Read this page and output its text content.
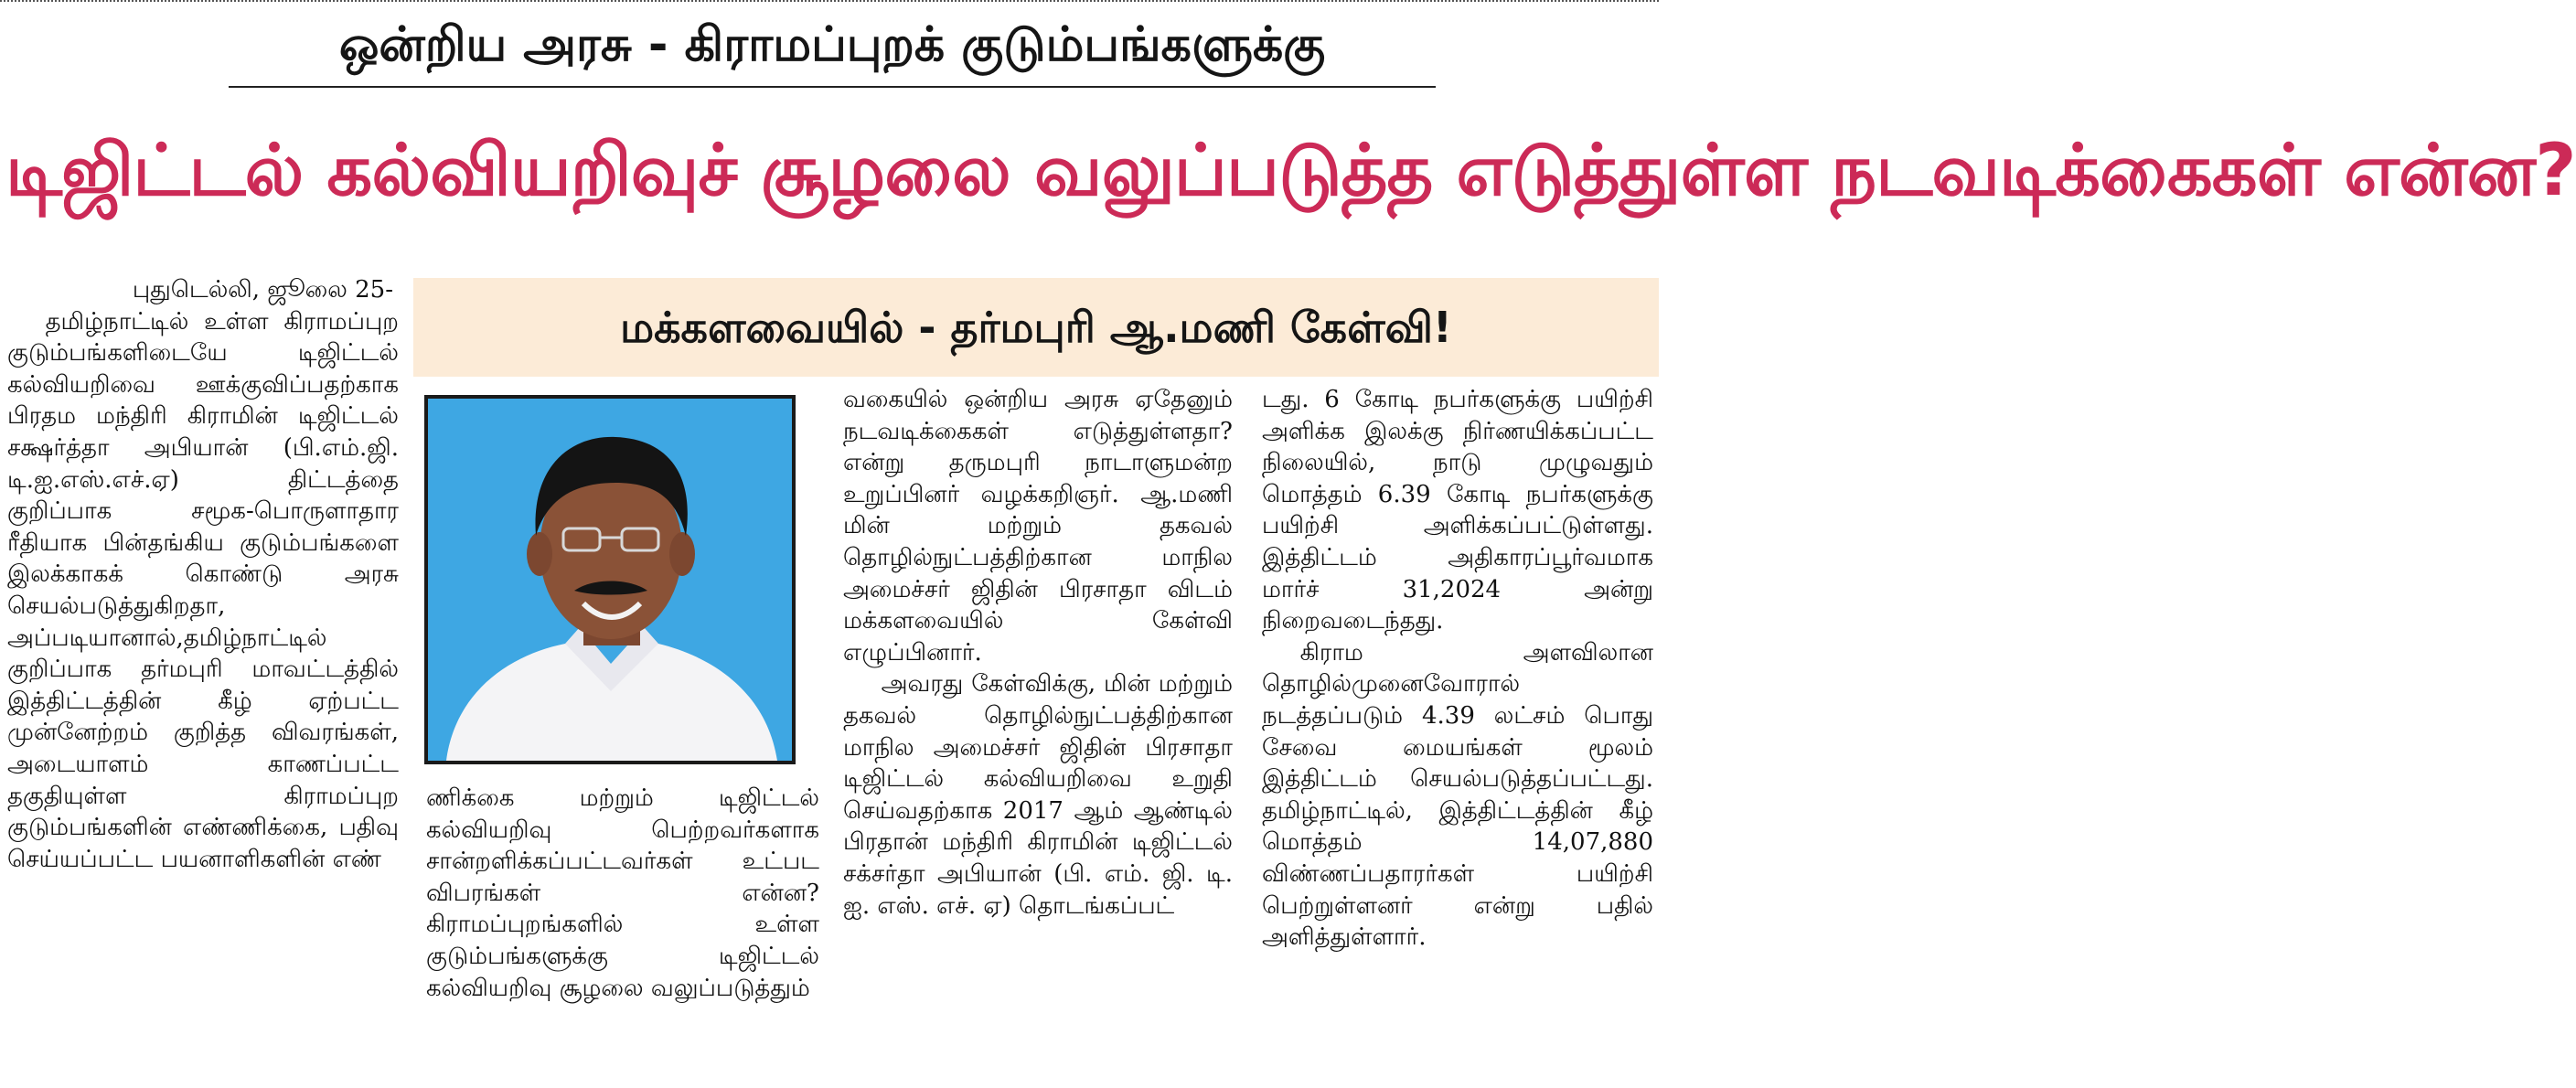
ஒன்றிய அரசு - கிராமப்புறக் குடும்பங்களுக்கு
டிஜிட்டல் கல்வியறிவுச் சூழலை வலுப்படுத்த எடுத்துள்ள நடவடிக்கைகள் என்ன?
மக்களவையில் - தர்மபுரி ஆ.மணி கேள்வி!

புதுடெல்லி, ஜூலை 25-

தமிழ்நாட்டில் உள்ள கிராமப்புற குடும்பங்களிடையே டிஜிட்டல் கல்வியறிவை ஊக்குவிப்பதற்காக பிரதம மந்திரி கிராமின் டிஜிட்டல் சக்ஷர்த்தா அபியான் (பி.எம்.ஜி. டி.ஐ.எஸ்.எச்.ஏ) திட்டத்தை குறிப்பாக சமூக-பொருளாதார ரீதியாக பின்தங்கிய குடும்பங்களை இலக்காகக் கொண்டு அரசு செயல்படுத்துகிறதா, அப்படியானால்,தமிழ்நாட்டில் குறிப்பாக தர்மபுரி மாவட்டத்தில் இத்திட்டத்தின் கீழ் ஏற்பட்ட முன்னேற்றம் குறித்த விவரங்கள், அடையாளம் காணப்பட்ட தகுதியுள்ள கிராமப்புற குடும்பங்களின் எண்ணிக்கை, பதிவு செய்யப்பட்ட பயனாளிகளின் எண்

ணிக்கை மற்றும் டிஜிட்டல் கல்வியறிவு பெற்றவர்களாக சான்றளிக்கப்பட்டவர்கள் உட்பட விபரங்கள் என்ன?கிராமப்புறங்களில் உள்ள குடும்பங்களுக்கு டிஜிட்டல் கல்வியறிவு சூழலை வலுப்படுத்தும்

வகையில் ஒன்றிய அரசு ஏதேனும் நடவடிக்கைகள் எடுத்துள்ளதா? என்று தருமபுரி நாடாளுமன்ற உறுப்பினர் வழக்கறிஞர். ஆ.மணி மின் மற்றும் தகவல் தொழில்நுட்பத்திற்கான மாநில அமைச்சர் ஜிதின் பிரசாதா விடம் மக்களவையில் கேள்வி எழுப்பினார்.

அவரது கேள்விக்கு, மின் மற்றும் தகவல் தொழில்நுட்பத்திற்கான மாநில அமைச்சர் ஜிதின் பிரசாதா டிஜிட்டல் கல்வியறிவை உறுதி செய்வதற்காக 2017 ஆம் ஆண்டில் பிரதான் மந்திரி கிராமின் டிஜிட்டல் சக்சர்தா அபியான் (பி. எம். ஜி. டி. ஐ. எஸ். எச். ஏ) தொடங்கப்பட்

டது. 6 கோடி நபர்களுக்கு பயிற்சி அளிக்க இலக்கு நிர்ணயிக்கப்பட்ட நிலையில், நாடு முழுவதும் மொத்தம் 6.39 கோடி நபர்களுக்கு பயிற்சி அளிக்கப்பட்டுள்ளது. இத்திட்டம் அதிகாரப்பூர்வமாக மார்ச் 31,2024 அன்று நிறைவடைந்தது.

கிராம அளவிலான தொழில்முனைவோரால் நடத்தப்படும் 4.39 லட்சம் பொது சேவை மையங்கள் மூலம் இத்திட்டம் செயல்படுத்தப்பட்டது. தமிழ்நாட்டில், இத்திட்டத்தின் கீழ் மொத்தம் 14,07,880 விண்ணப்பதாரர்கள் பயிற்சி பெற்றுள்ளனர் என்று பதில் அளித்துள்ளார்.
